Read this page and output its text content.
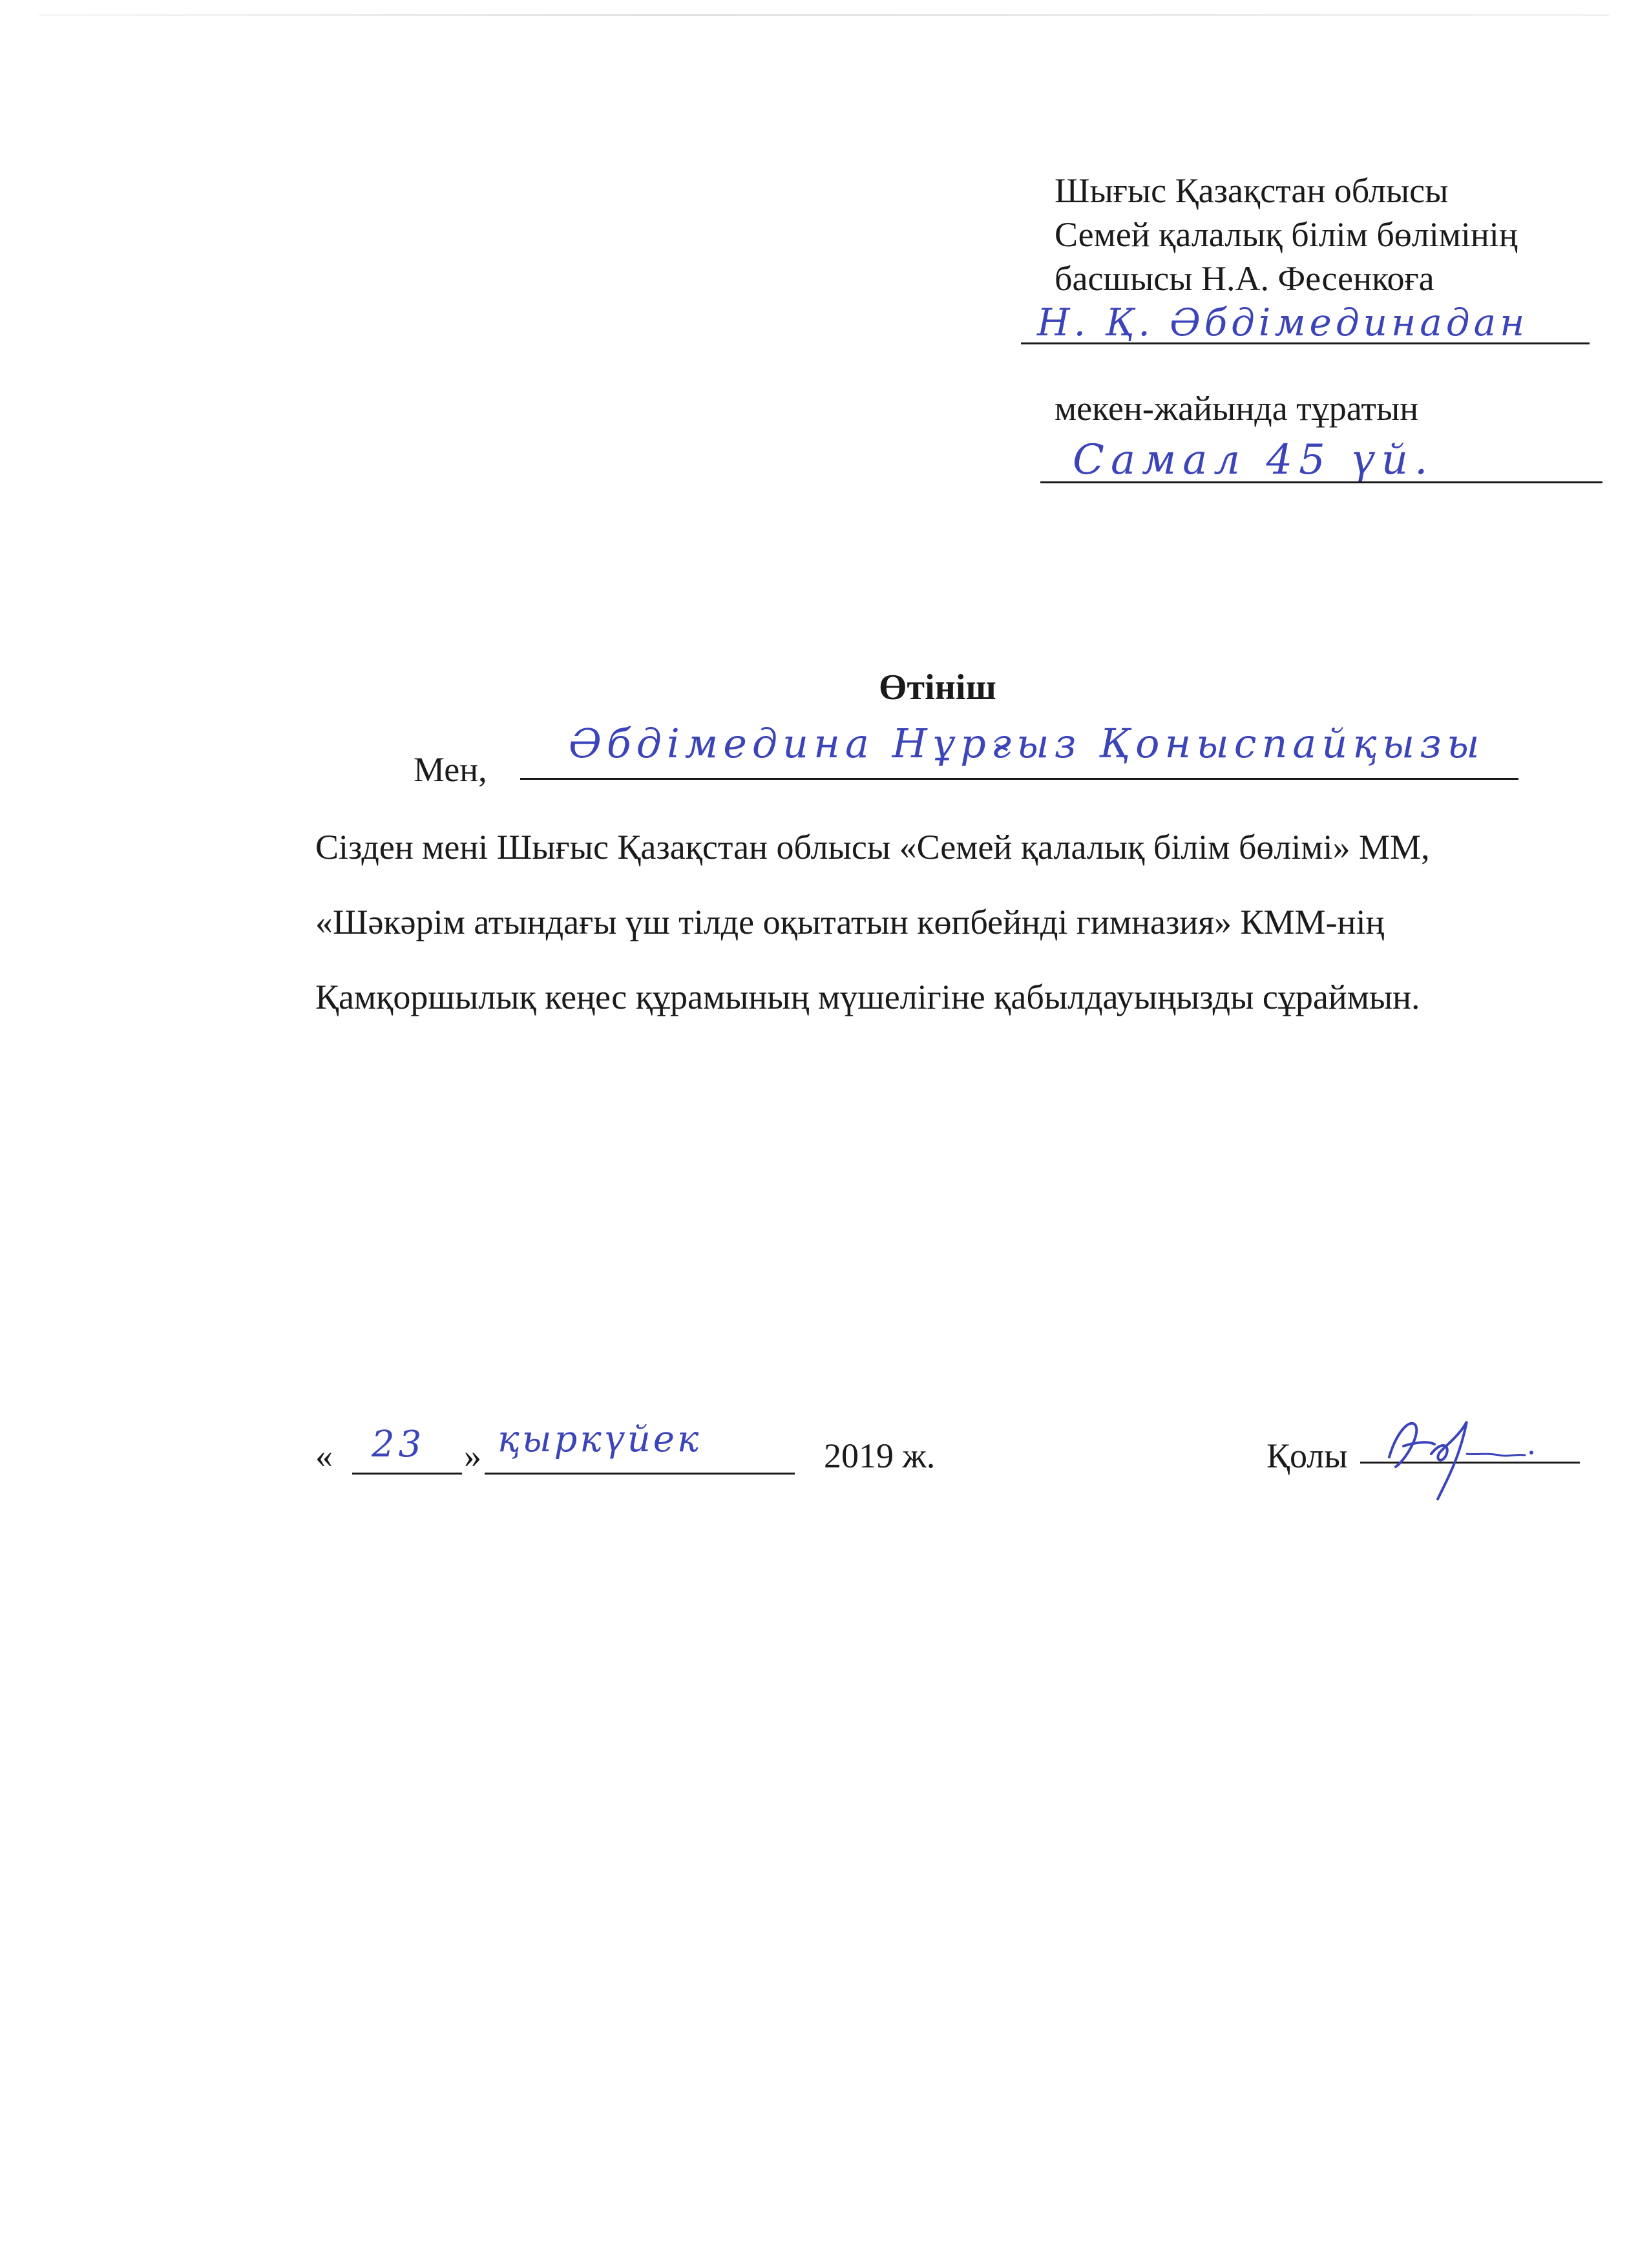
Шығыс Қазақстан облысы
Семей қалалық білім бөлімінің
басшысы Н.А. Фесенкоға
Н. Қ. Әбдімединадан
мекен-жайында тұратын
Самал 45 үй.
Өтініш
Мен,
Әбдімедина Нұрғыз Қоныспайқызы
Сізден мені Шығыс Қазақстан облысы «Семей қалалық білім бөлімі» ММ,
«Шәкәрім атындағы үш тілде оқытатын көпбейнді гимназия» КММ-нің
Қамқоршылық кеңес құрамының мүшелігіне қабылдауыңызды сұраймын.
« 23 » қыркүйек	2019 ж.	Қолы
